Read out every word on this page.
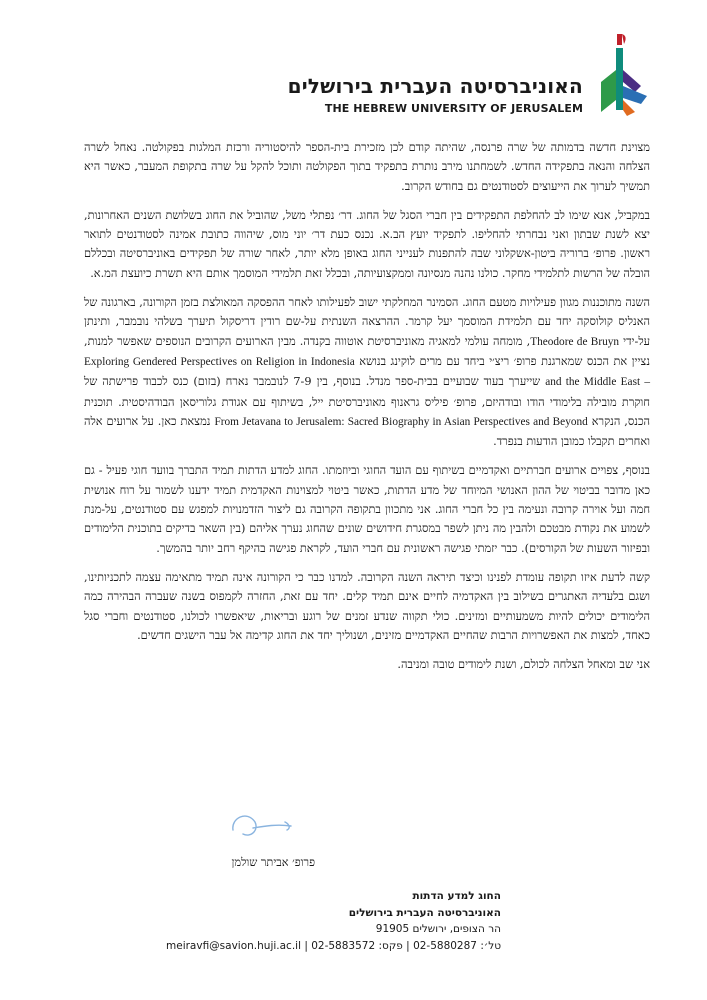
האוניברסיטה העברית בירושלים
THE HEBREW UNIVERSITY OF JERUSALEM

מצוינת חדשה בדמותה של שרה פרנסה, שהיתה קודם לכן מזכירת בית-הספר להיסטוריה ורכזת המלגות בפקולטה. נאחל לשרה הצלחה והנאה בתפקידה החדש. לשמחתנו מירב נותרת בתפקיד בתוך הפקולטה ותוכל להקל על שרה בתקופת המעבר, כאשר היא תמשיך לערוך את הייעוצים לסטודנטים גם בחודש הקרוב.

במקביל, אנא שימו לב להחלפת התפקידים בין חברי הסגל של החוג. דר׳ נפתלי משל, שהוביל את החוג בשלושת השנים האחרונות, יצא לשנת שבתון ואני נבחרתי להחליפו. לתפקיד יועץ הב.א. נכנס כעת דר׳ יוני מוס, שיהווה כתובת אמינה לסטודנטים לתואר ראשון. פרופ׳ ברוריה ביטון-אשקלוני שבה להתפנות לענייני החוג באופן מלא יותר, לאחר שורה של תפקידים באוניברסיטה ובכללם הובלה של הרשות לתלמידי מחקר. כולנו נהנה מנסיונה וממקצועיותה, ובכלל זאת תלמידי המוסמך אותם היא תשרת כיועצת המ.א.

השנה מתוכננות מגוון פעילויות מטעם החוג. הסמינר המחלקתי ישוב לפעילותו לאחר ההפסקה המאולצת בזמן הקורונה, בארגונה של האנליס קולוסקה יחד עם תלמידת המוסמך יעל קרמר. ההרצאה השנתית על-שם רודין דריסקול תיערך בשלהי נובמבר, ותינתן על-ידי Theodore de Bruyn, מומחה עולמי למאגיה מאוניברסיטת אוטווה בקנדה. מבין הארועים הקרובים הנוספים שאפשר למנות, נציין את הכנס שמארגנת פרופ׳ ריצ׳י ביחד עם מרים לוקינג בנושא Exploring Gendered Perspectives on Religion in Indonesia and the Middle East – שייערך בעוד שבועיים בבית-ספר מנדל. בנוסף, בין 7-9 לנובמבר נארח (בזום) כנס לכבוד פרישתה של חוקרת מובילה בלימודי הודו ובודהיזם, פרופ׳ פיליס גראנוף מאוניברסיטת ייל, בשיתוף עם אגודת גלוריסאן הבודהיסטית. תוכנית הכנס, הנקרא From Jetavana to Jerusalem: Sacred Biography in Asian Perspectives and Beyond נמצאת כאן. על ארועים אלה ואחרים תקבלו כמובן הודעות בנפרד.

בנוסף, צפויים ארועים חברתיים ואקדמיים בשיתוף עם הועד החוגי וביוזמתו. החוג למדע הדתות תמיד התברך בוועד חוגי פעיל - גם כאן מדובר בביטוי של ההון האנושי המיוחד של מדע הדתות, כאשר ביטוי למצוינות האקדמית תמיד ידענו לשמור על רוח אנושית חמה ועל אוירה קרובה ונעימה בין כל חברי החוג. אני מתכוון בתקופה הקרובה גם ליצור הזדמנויות למפגש עם סטודנטים, על-מנת לשמוע את נקודת מבטכם ולהבין מה ניתן לשפר במסגרת חידושים שונים שהחוג נערך אליהם (בין השאר בדיקים בתוכנית הלימודים ובפיזור השעות של הקורסים). כבר יזמתי פגישה ראשונית עם חברי הועד, לקראת פגישה בהיקף רחב יותר בהמשך.

קשה לדעת איזו תקופה עומדת לפנינו וכיצד תיראה השנה הקרובה. למדנו כבר כי הקורונה אינה תמיד מתאימה עצמה לתכניותינו, ושגם בלעדיה האתגרים בשילוב בין האקדמיה לחיים אינם תמיד קלים. יחד עם זאת, החזרה לקמפוס בשנה שעברה הבהירה כמה הלימודים יכולים להיות משמעותיים ומזינים. כולי תקווה שנדע זמנים של רוגע ובריאות, שיאפשרו לכולנו, סטודנטים וחברי סגל כאחד, למצות את האפשרויות הרבות שהחיים האקדמיים מזינים, ושנוליך יחד את החוג קדימה אל עבר הישגים חדשים.

אני שב ומאחל הצלחה לכולם, ושנת לימודים טובה ומניבה.

פרופ׳ אביתר שולמן
החוג למדע הדתות
האוניברסיטה העברית בירושלים
הר הצופים, ירושלים 91905
טל׳: 02-5880287 | פקס: 02-5883572 | meiravfi@savion.huji.ac.il
